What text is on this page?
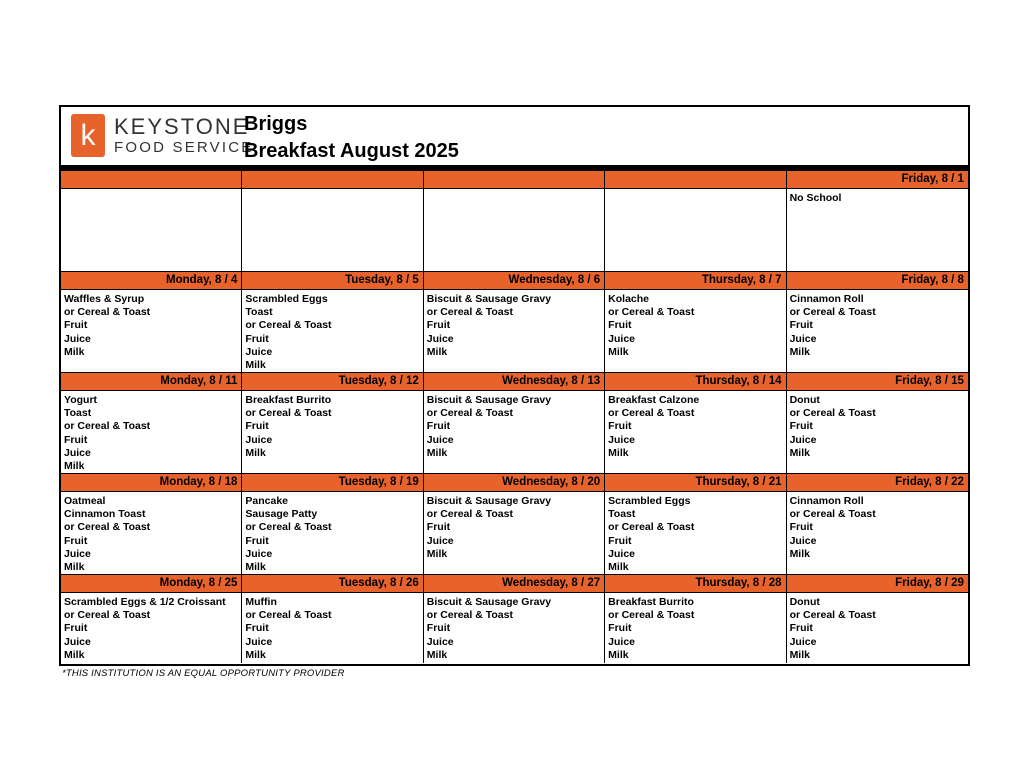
k KEYSTONE
FOOD SERVICE
Briggs
Breakfast August 2025
Friday, 8 / 1
No School
Monday, 8 / 4
Waffles & Syrup
or Cereal & Toast
Fruit
Juice
Milk
Tuesday, 8 / 5
Scrambled Eggs
Toast
or Cereal & Toast
Fruit
Juice
Milk
Wednesday, 8 / 6
Biscuit & Sausage Gravy
or Cereal & Toast
Fruit
Juice
Milk
Thursday, 8 / 7
Kolache
or Cereal & Toast
Fruit
Juice
Milk
Friday, 8 / 8
Cinnamon Roll
or Cereal & Toast
Fruit
Juice
Milk
Monday, 8 / 11
Yogurt
Toast
or Cereal & Toast
Fruit
Juice
Milk
Tuesday, 8 / 12
Breakfast Burrito
or Cereal & Toast
Fruit
Juice
Milk
Wednesday, 8 / 13
Biscuit & Sausage Gravy
or Cereal & Toast
Fruit
Juice
Milk
Thursday, 8 / 14
Breakfast Calzone
or Cereal & Toast
Fruit
Juice
Milk
Friday, 8 / 15
Donut
or Cereal & Toast
Fruit
Juice
Milk
Monday, 8 / 18
Oatmeal
Cinnamon Toast
or Cereal & Toast
Fruit
Juice
Milk
Tuesday, 8 / 19
Pancake
Sausage Patty
or Cereal & Toast
Fruit
Juice
Milk
Wednesday, 8 / 20
Biscuit & Sausage Gravy
or Cereal & Toast
Fruit
Juice
Milk
Thursday, 8 / 21
Scrambled Eggs
Toast
or Cereal & Toast
Fruit
Juice
Milk
Friday, 8 / 22
Cinnamon Roll
or Cereal & Toast
Fruit
Juice
Milk
Monday, 8 / 25
Scrambled Eggs & 1/2 Croissant
or Cereal & Toast
Fruit
Juice
Milk
Tuesday, 8 / 26
Muffin
or Cereal & Toast
Fruit
Juice
Milk
Wednesday, 8 / 27
Biscuit & Sausage Gravy
or Cereal & Toast
Fruit
Juice
Milk
Thursday, 8 / 28
Breakfast Burrito
or Cereal & Toast
Fruit
Juice
Milk
Friday, 8 / 29
Donut
or Cereal & Toast
Fruit
Juice
Milk
*THIS INSTITUTION IS AN EQUAL OPPORTUNITY PROVIDER
